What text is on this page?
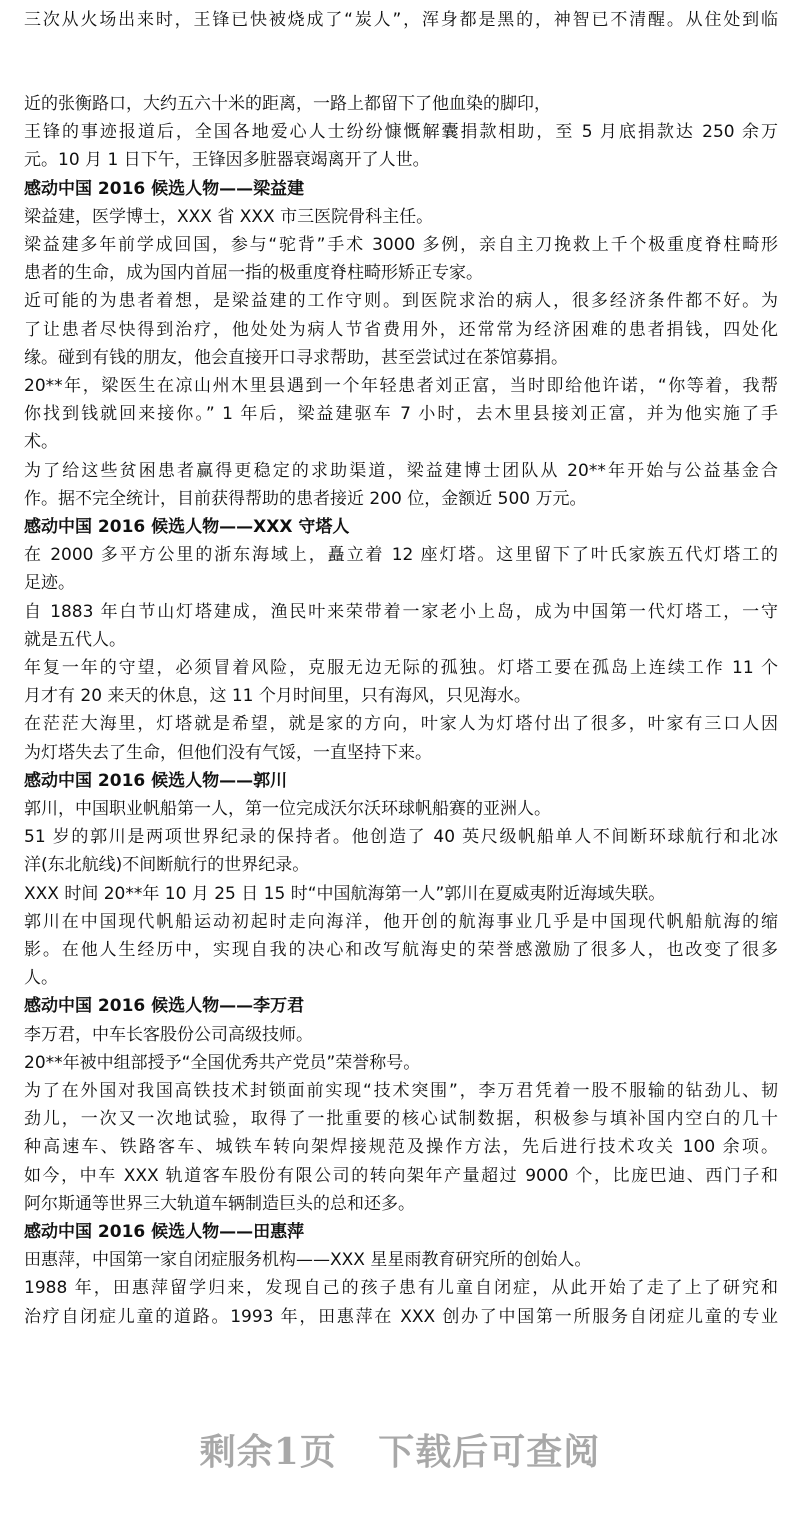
三次从火场出来时，王锋已快被烧成了“炭人”，浑身都是黑的，神智已不清醒。从住处到临
近的张衡路口，大约五六十米的距离，一路上都留下了他血染的脚印，
王锋的事迹报道后，全国各地爱心人士纷纷慷慨解囊捐款相助，至 5 月底捐款达 250 余万
元。10 月 1 日下午，王锋因多脏器衰竭离开了人世。
感动中国 2016 候选人物——梁益建
梁益建，医学博士，XXX 省 XXX 市三医院骨科主任。
梁益建多年前学成回国，参与“驼背”手术 3000 多例，亲自主刀挽救上千个极重度脊柱畸形
患者的生命，成为国内首屈一指的极重度脊柱畸形矫正专家。
近可能的为患者着想，是梁益建的工作守则。到医院求治的病人，很多经济条件都不好。为
了让患者尽快得到治疗，他处处为病人节省费用外，还常常为经济困难的患者捐钱，四处化
缘。碰到有钱的朋友，他会直接开口寻求帮助，甚至尝试过在茶馆募捐。
20**年，梁医生在凉山州木里县遇到一个年轻患者刘正富，当时即给他许诺，“你等着，我帮
你找到钱就回来接你。” 1 年后，梁益建驱车 7 小时，去木里县接刘正富，并为他实施了手
术。
为了给这些贫困患者赢得更稳定的求助渠道，梁益建博士团队从 20**年开始与公益基金合
作。据不完全统计，目前获得帮助的患者接近 200 位，金额近 500 万元。
感动中国 2016 候选人物——XXX 守塔人
在 2000 多平方公里的浙东海域上，矗立着 12 座灯塔。这里留下了叶氏家族五代灯塔工的
足迹。
自 1883 年白节山灯塔建成，渔民叶来荣带着一家老小上岛，成为中国第一代灯塔工，一守
就是五代人。
年复一年的守望，必须冒着风险，克服无边无际的孤独。灯塔工要在孤岛上连续工作 11 个
月才有 20 来天的休息，这 11 个月时间里，只有海风，只见海水。
在茫茫大海里，灯塔就是希望，就是家的方向，叶家人为灯塔付出了很多，叶家有三口人因
为灯塔失去了生命，但他们没有气馁，一直坚持下来。
感动中国 2016 候选人物——郭川
郭川，中国职业帆船第一人，第一位完成沃尔沃环球帆船赛的亚洲人。
51 岁的郭川是两项世界纪录的保持者。他创造了 40 英尺级帆船单人不间断环球航行和北冰
洋(东北航线)不间断航行的世界纪录。
XXX 时间 20**年 10 月 25 日 15 时“中国航海第一人”郭川在夏威夷附近海域失联。
郭川在中国现代帆船运动初起时走向海洋，他开创的航海事业几乎是中国现代帆船航海的缩
影。在他人生经历中，实现自我的决心和改写航海史的荣誉感激励了很多人，也改变了很多
人。
感动中国 2016 候选人物——李万君
李万君，中车长客股份公司高级技师。
20**年被中组部授予“全国优秀共产党员”荣誉称号。
为了在外国对我国高铁技术封锁面前实现“技术突围”，李万君凭着一股不服输的钻劲儿、韧
劲儿，一次又一次地试验，取得了一批重要的核心试制数据，积极参与填补国内空白的几十
种高速车、铁路客车、城铁车转向架焊接规范及操作方法，先后进行技术攻关 100 余项。
如今，中车 XXX 轨道客车股份有限公司的转向架年产量超过 9000 个，比庞巴迪、西门子和
阿尔斯通等世界三大轨道车辆制造巨头的总和还多。
感动中国 2016 候选人物——田惠萍
田惠萍，中国第一家自闭症服务机构——XXX 星星雨教育研究所的创始人。
1988 年，田惠萍留学归来，发现自己的孩子患有儿童自闭症，从此开始了走了上了研究和
治疗自闭症儿童的道路。1993 年，田惠萍在 XXX 创办了中国第一所服务自闭症儿童的专业
剩余1页 下载后可查阅
